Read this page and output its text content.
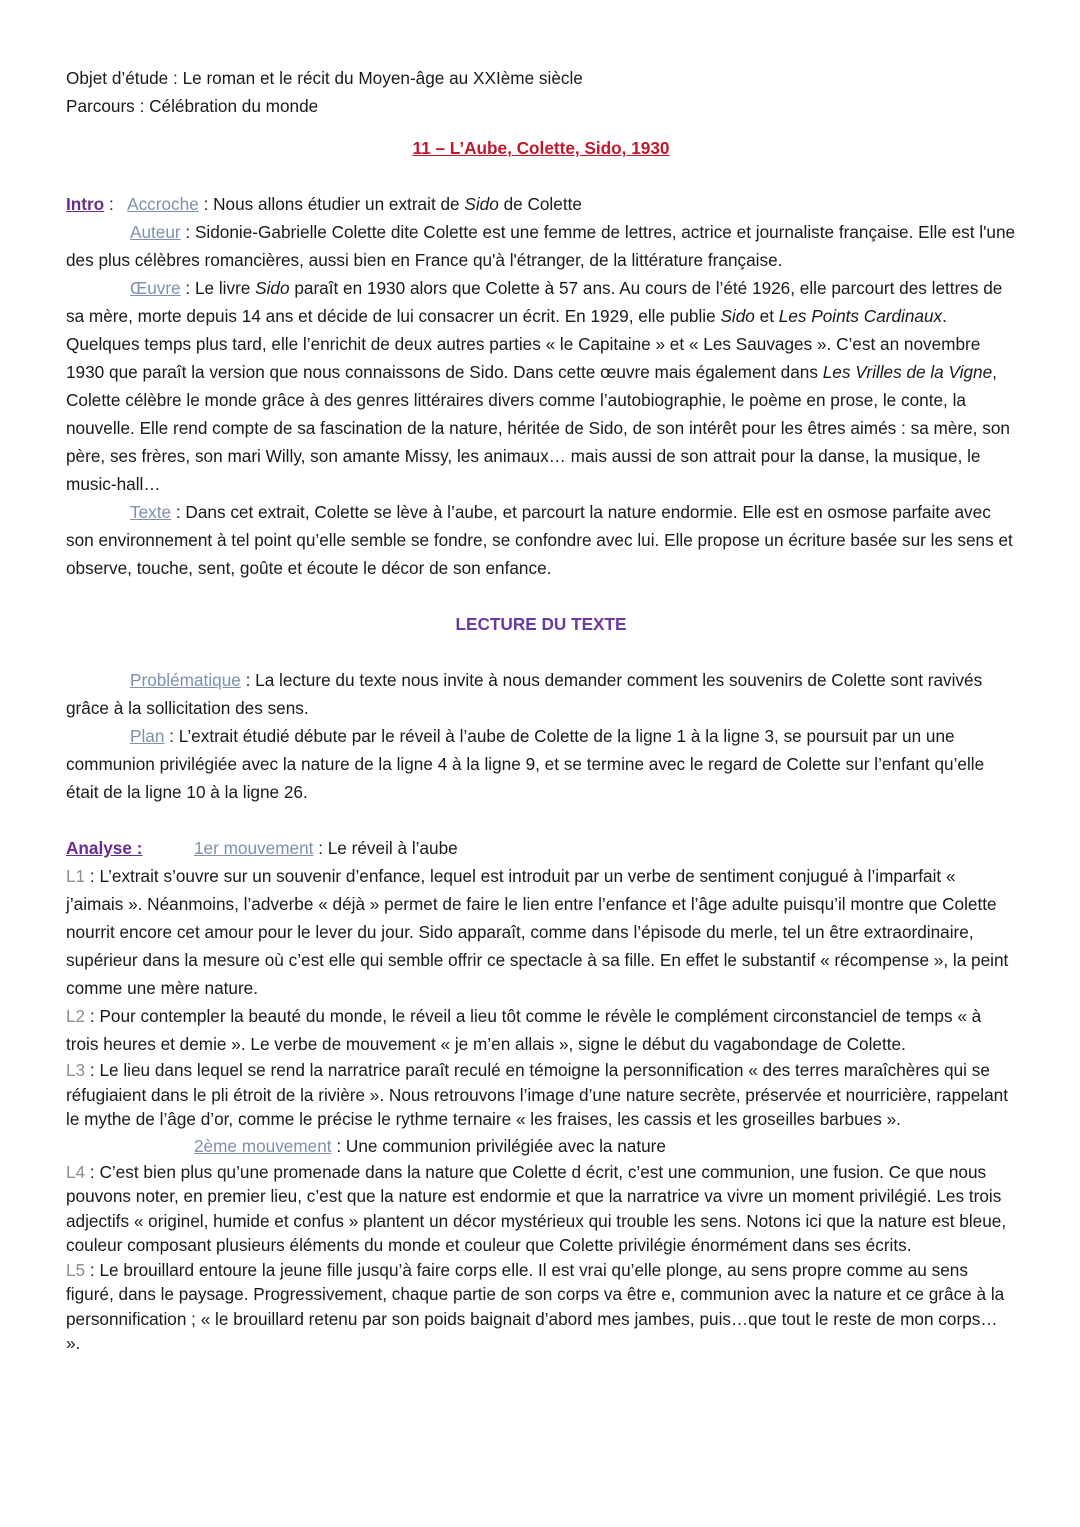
Objet d’étude : Le roman et le récit du Moyen-âge au XXIème siècle

Parcours : Célébration du monde

11 – L’Aube, Colette, Sido, 1930

Intro :   Accroche : Nous allons étudier un extrait de Sido de Colette

Auteur : Sidonie-Gabrielle Colette dite Colette est une femme de lettres, actrice et journaliste française. Elle est l'une des plus célèbres romancières, aussi bien en France qu'à l'étranger, de la littérature française.

Œuvre : Le livre Sido paraît en 1930 alors que Colette à 57 ans. Au cours de l’été 1926, elle parcourt des lettres de sa mère, morte depuis 14 ans et décide de lui consacrer un écrit. En 1929, elle publie Sido et Les Points Cardinaux. Quelques temps plus tard, elle l’enrichit de deux autres parties « le Capitaine » et « Les Sauvages ». C’est an novembre 1930 que paraît la version que nous connaissons de Sido. Dans cette œuvre mais également dans Les Vrilles de la Vigne, Colette célèbre le monde grâce à des genres littéraires divers comme l’autobiographie, le poème en prose, le conte, la nouvelle. Elle rend compte de sa fascination de la nature, héritée de Sido, de son intérêt pour les êtres aimés : sa mère, son père, ses frères, son mari Willy, son amante Missy, les animaux… mais aussi de son attrait pour la danse, la musique, le music-hall…

Texte : Dans cet extrait, Colette se lève à l’aube, et parcourt la nature endormie. Elle est en osmose parfaite avec son environnement à tel point qu’elle semble se fondre, se confondre avec lui. Elle propose un écriture basée sur les sens et observe, touche, sent, goûte et écoute le décor de son enfance.

LECTURE DU TEXTE

Problématique : La lecture du texte nous invite à nous demander comment les souvenirs de Colette sont ravivés grâce à la sollicitation des sens.

Plan : L’extrait étudié débute par le réveil à l’aube de Colette de la ligne 1 à la ligne 3, se poursuit par un une communion privilégiée avec la nature de la ligne 4 à la ligne 9, et se termine avec le regard de Colette sur l’enfant qu’elle était de la ligne 10 à la ligne 26.

Analyse :	1er mouvement : Le réveil à l’aube

L1 : L’extrait s’ouvre sur un souvenir d’enfance, lequel est introduit par un verbe de sentiment conjugué à l’imparfait « j’aimais ». Néanmoins, l’adverbe « déjà » permet de faire le lien entre l’enfance et l’âge adulte puisqu’il montre que Colette nourrit encore cet amour pour le lever du jour. Sido apparaît, comme dans l’épisode du merle, tel un être extraordinaire, supérieur dans la mesure où c’est elle qui semble offrir ce spectacle à sa fille. En effet le substantif « récompense », la peint comme une mère nature.

L2 : Pour contempler la beauté du monde, le réveil a lieu tôt comme le révèle le complément circonstanciel de temps « à trois heures et demie ». Le verbe de mouvement « je m’en allais », signe le début du vagabondage de Colette.

L3 : Le lieu dans lequel se rend la narratrice paraît reculé en témoigne la personnification « des terres maraîchères qui se réfugiaient dans le pli étroit de la rivière ». Nous retrouvons l’image d’une nature secrète, préservée et nourricière, rappelant le mythe de l’âge d’or, comme le précise le rythme ternaire « les fraises, les cassis et les groseilles barbues ».

2ème mouvement : Une communion privilégiée avec la nature

L4 : C’est bien plus qu’une promenade dans la nature que Colette d écrit, c’est une communion, une fusion. Ce que nous pouvons noter, en premier lieu, c’est que la nature est endormie et que la narratrice va vivre un moment privilégié. Les trois adjectifs « originel, humide et confus » plantent un décor mystérieux qui trouble les sens. Notons ici que la nature est bleue, couleur composant plusieurs éléments du monde et couleur que Colette privilégie énormément dans ses écrits.

L5 : Le brouillard entoure la jeune fille jusqu’à faire corps elle. Il est vrai qu’elle plonge, au sens propre comme au sens figuré, dans le paysage. Progressivement, chaque partie de son corps va être e, communion avec la nature et ce grâce à la personnification ; « le brouillard retenu par son poids baignait d’abord mes jambes, puis…que tout le reste de mon corps… ».
